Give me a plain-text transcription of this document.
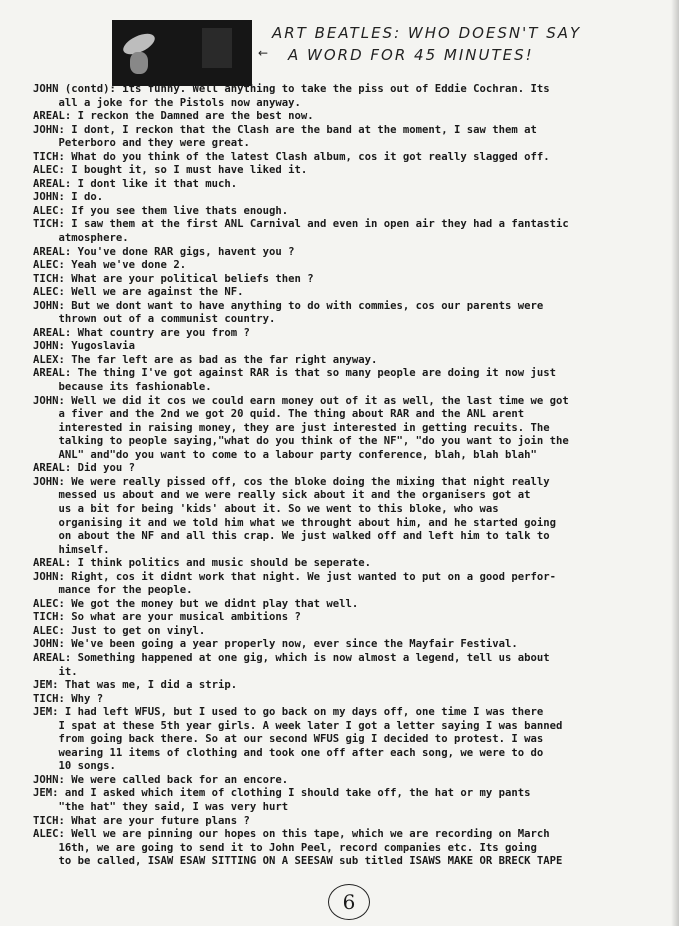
←
ART BEATLES: WHO DOESN'T SAY
A WORD FOR 45 MINUTES!
JOHN (contd): its funny. Well anything to take the piss out of Eddie Cochran. Its
all a joke for the Pistols now anyway.
AREAL: I reckon the Damned are the best now.
JOHN: I dont, I reckon that the Clash are the band at the moment, I saw them at
Peterboro and they were great.
TICH: What do you think of the latest Clash album, cos it got really slagged off.
ALEC: I bought it, so I must have liked it.
AREAL: I dont like it that much.
JOHN: I do.
ALEC: If you see them live thats enough.
TICH: I saw them at the first ANL Carnival and even in open air they had a fantastic
atmosphere.
AREAL: You've done RAR gigs, havent you ?
ALEC: Yeah we've done 2.
TICH: What are your political beliefs then ?
ALEC: Well we are against the NF.
JOHN: But we dont want to have anything to do with commies, cos our parents were
thrown out of a communist country.
AREAL: What country are you from ?
JOHN: Yugoslavia
ALEX: The far left are as bad as the far right anyway.
AREAL: The thing I've got against RAR is that so many people are doing it now just
because its fashionable.
JOHN: Well we did it cos we could earn money out of it as well, the last time we got
a fiver and the 2nd we got 20 quid. The thing about RAR and the ANL arent
interested in raising money, they are just interested in getting recuits. The
talking to people saying,"what do you think of the NF", "do you want to join the
ANL" and"do you want to come to a labour party conference, blah, blah blah"
AREAL: Did you ?
JOHN: We were really pissed off, cos the bloke doing the mixing that night really
messed us about and we were really sick about it and the organisers got at
us a bit for being 'kids' about it. So we went to this bloke, who was
organising it and we told him what we throught about him, and he started going
on about the NF and all this crap. We just walked off and left him to talk to
himself.
AREAL: I think politics and music should be seperate.
JOHN: Right, cos it didnt work that night. We just wanted to put on a good perfor-
mance for the people.
ALEC: We got the money but we didnt play that well.
TICH: So what are your musical ambitions ?
ALEC: Just to get on vinyl.
JOHN: We've been going a year properly now, ever since the Mayfair Festival.
AREAL: Something happened at one gig, which is now almost a legend, tell us about
it.
JEM: That was me, I did a strip.
TICH: Why ?
JEM: I had left WFUS, but I used to go back on my days off, one time I was there
I spat at these 5th year girls. A week later I got a letter saying I was banned
from going back there. So at our second WFUS gig I decided to protest. I was
wearing 11 items of clothing and took one off after each song, we were to do
10 songs.
JOHN: We were called back for an encore.
JEM: and I asked which item of clothing I should take off, the hat or my pants
"the hat" they said, I was very hurt
TICH: What are your future plans ?
ALEC: Well we are pinning our hopes on this tape, which we are recording on March
16th, we are going to send it to John Peel, record companies etc. Its going
to be called, ISAW ESAW SITTING ON A SEESAW sub titled ISAWS MAKE OR BRECK TAPE
6
